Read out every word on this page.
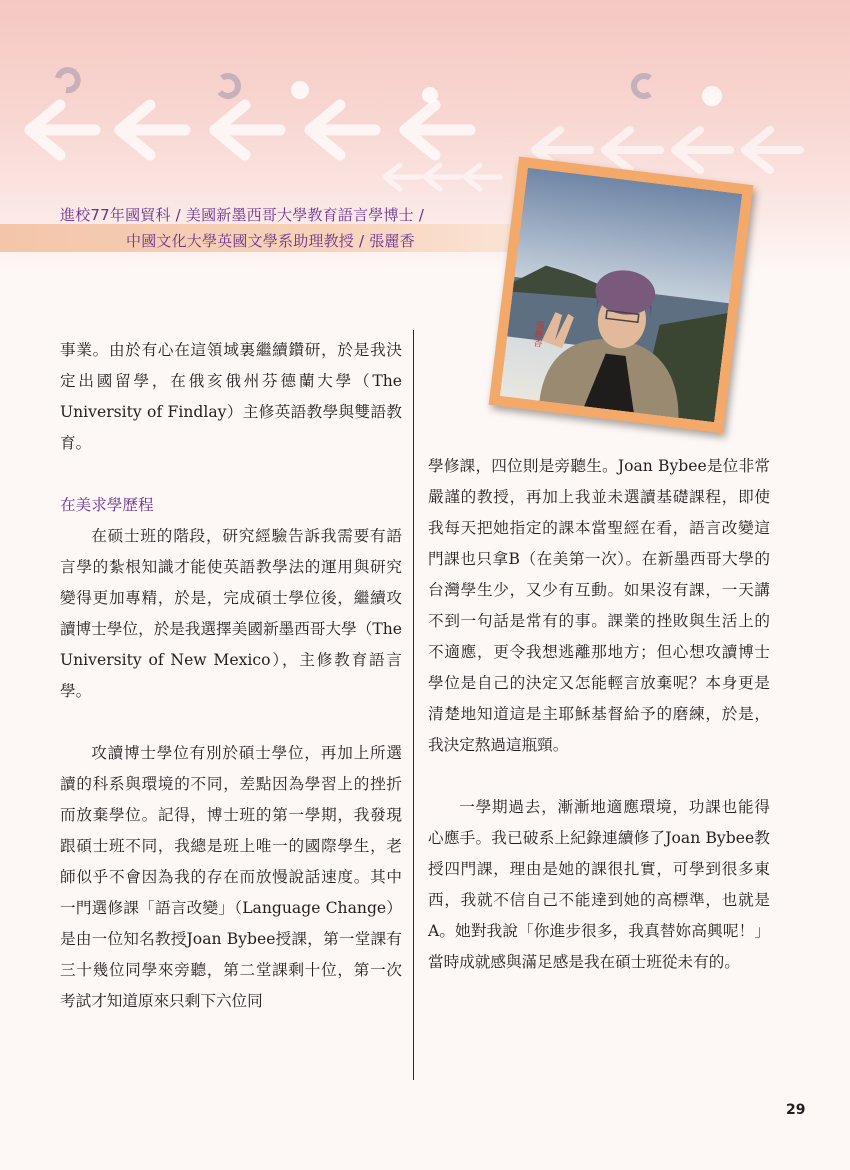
進校77年國貿科 / 美國新墨西哥大學教育語言學博士 /
中國文化大學英國文學系助理教授 / 張麗香
張麗香

事業。由於有心在這領域裏繼續鑽研，於是我決定出國留學，在俄亥俄州芬德蘭大學（The University of Findlay）主修英語教學與雙語教育。

在美求學歷程

在硕士班的階段，研究經驗告訴我需要有語言學的紮根知識才能使英語教學法的運用與研究變得更加專精，於是，完成碩士學位後，繼續攻讀博士學位，於是我選擇美國新墨西哥大學（The University of New Mexico），主修教育語言學。

攻讀博士學位有別於碩士學位，再加上所選讀的科系與環境的不同，差點因為學習上的挫折而放棄學位。記得，博士班的第一學期，我發現跟碩士班不同，我總是班上唯一的國際學生，老師似乎不會因為我的存在而放慢說話速度。其中一門選修課「語言改變」（Language Change）是由一位知名教授Joan Bybee授課，第一堂課有三十幾位同學來旁聽，第二堂課剩十位，第一次考試才知道原來只剩下六位同

學修課，四位則是旁聽生。Joan Bybee是位非常嚴謹的教授，再加上我並未選讀基礎課程，即使我每天把她指定的課本當聖經在看，語言改變這門課也只拿B（在美第一次）。在新墨西哥大學的台灣學生少，又少有互動。如果沒有課，一天講不到一句話是常有的事。課業的挫敗與生活上的不適應，更令我想逃離那地方；但心想攻讀博士學位是自己的決定又怎能輕言放棄呢？本身更是清楚地知道這是主耶穌基督給予的磨練，於是，我決定熬過這瓶頸。

一學期過去，漸漸地適應環境，功課也能得心應手。我已破系上紀錄連續修了Joan Bybee教授四門課，理由是她的課很扎實，可學到很多東西，我就不信自己不能達到她的高標準，也就是A。她對我說「你進步很多，我真替妳高興呢！」當時成就感與滿足感是我在碩士班從未有的。

29
